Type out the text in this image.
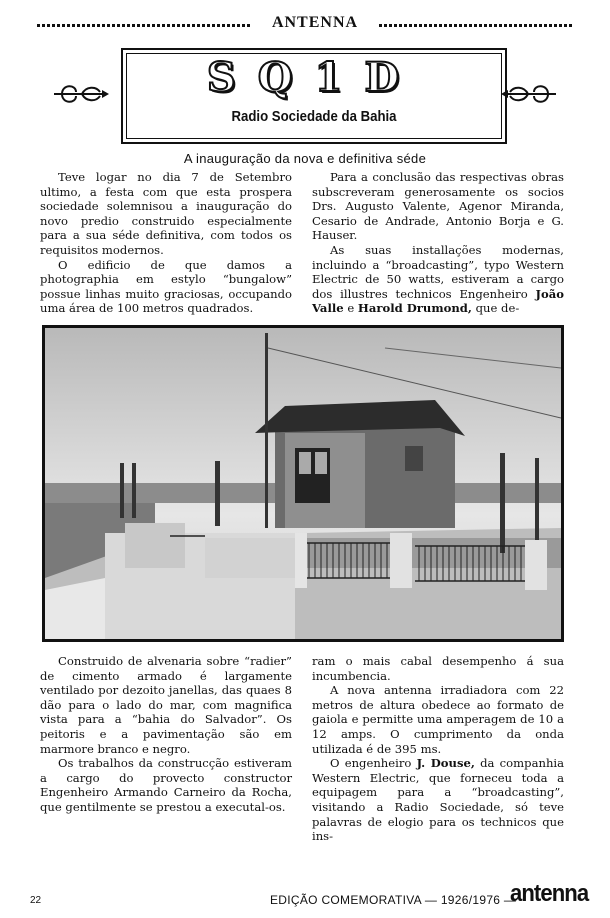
ANTENNA
SQ1D
Radio Sociedade da Bahia
A inauguração da nova e definitiva séde

Teve logar no dia 7 de Setembro ultimo, a festa com que esta prospera sociedade solemnisou a inauguração do novo predio construido especialmente para a sua séde definitiva, com todos os requisitos modernos.

O edificio de que damos a photographia em estylo “bungalow” possue linhas muito graciosas, occupando uma área de 100 metros quadrados.

Para a conclusão das respectivas obras subscreveram generosamente os socios Drs. Augusto Valente, Agenor Miranda, Cesario de Andrade, Antonio Borja e G. Hauser.

As suas installações modernas, incluindo a “broadcasting”, typo Western Electric de 50 watts, estiveram a cargo dos illustres technicos Engenheiro João Valle e Harold Drumond, que de-

Construido de alvenaria sobre “radier” de cimento armado é largamente ventilado por dezoito janellas, das quaes 8 dão para o lado do mar, com magnifica vista para a “bahia do Salvador”. Os peitoris e a pavimentação são em marmore branco e negro.

Os trabalhos da construcção estiveram a cargo do provecto constructor Engenheiro Armando Carneiro da Rocha, que gentilmente se prestou a executal-os.

ram o mais cabal desempenho á sua incumbencia.

A nova antenna irradiadora com 22 metros de altura obedece ao formato de gaiola e permitte uma amperagem de 10 a 12 amps. O cumprimento da onda utilizada é de 395 ms.

O engenheiro J. Douse, da companhia Western Electric, que forneceu toda a equipagem para a “broadcasting”, visitando a Radio Sociedade, só teve palavras de elogio para os technicos que ins-

22	EDIÇÃO COMEMORATIVA — 1926/1976 —
antenna
